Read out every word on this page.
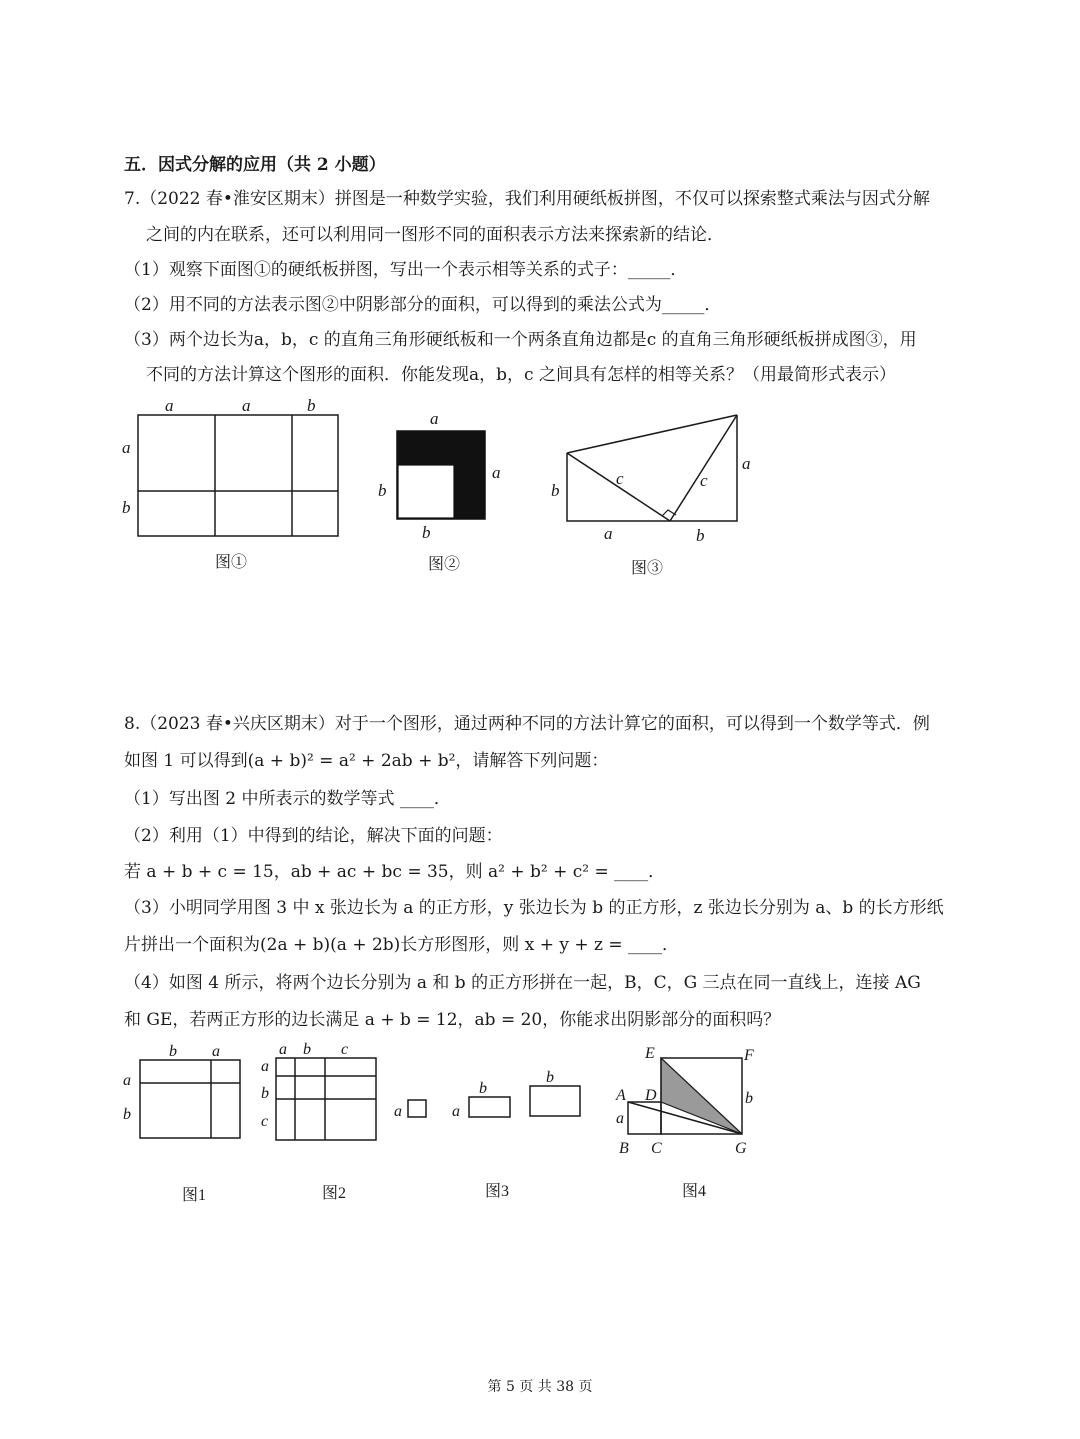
五．因式分解的应用（共 2 小题）
7.（2022 春•淮安区期末）拼图是一种数学实验，我们利用硬纸板拼图，不仅可以探索整式乘法与因式分解
之间的内在联系，还可以利用同一图形不同的面积表示方法来探索新的结论．
（1）观察下面图①的硬纸板拼图，写出一个表示相等关系的式子：_____．
（2）用不同的方法表示图②中阴影部分的面积，可以得到的乘法公式为_____．
（3）两个边长为a，b，c 的直角三角形硬纸板和一个两条直角边都是c 的直角三角形硬纸板拼成图③，用
不同的方法计算这个图形的面积．你能发现a，b，c 之间具有怎样的相等关系？（用最简形式表示）
a	a	b
a
b
图①
a
a
b
b
图②
b
a
a	b
c	c
图③
8.（2023 春•兴庆区期末）对于一个图形，通过两种不同的方法计算它的面积，可以得到一个数学等式．例
如图 1 可以得到(a + b)² = a² + 2ab + b²，请解答下列问题：
（1）写出图 2 中所表示的数学等式 ____．
（2）利用（1）中得到的结论，解决下面的问题：
若 a + b + c = 15，ab + ac + bc = 35，则 a² + b² + c² = ____．
（3）小明同学用图 3 中 x 张边长为 a 的正方形，y 张边长为 b 的正方形，z 张边长分别为 a、b 的长方形纸
片拼出一个面积为(2a + b)(a + 2b)长方形图形，则 x + y + z = ____．
（4）如图 4 所示，将两个边长分别为 a 和 b 的正方形拼在一起，B，C，G 三点在同一直线上，连接 AG
和 GE，若两正方形的边长满足 a + b = 12，ab = 20，你能求出阴影部分的面积吗？
b a
a
b
图1
a b c
a
b
c
图2
a
b
a
b
图3
E	F
A D
a
b
B C	G
图4
第 5 页 共 38 页
